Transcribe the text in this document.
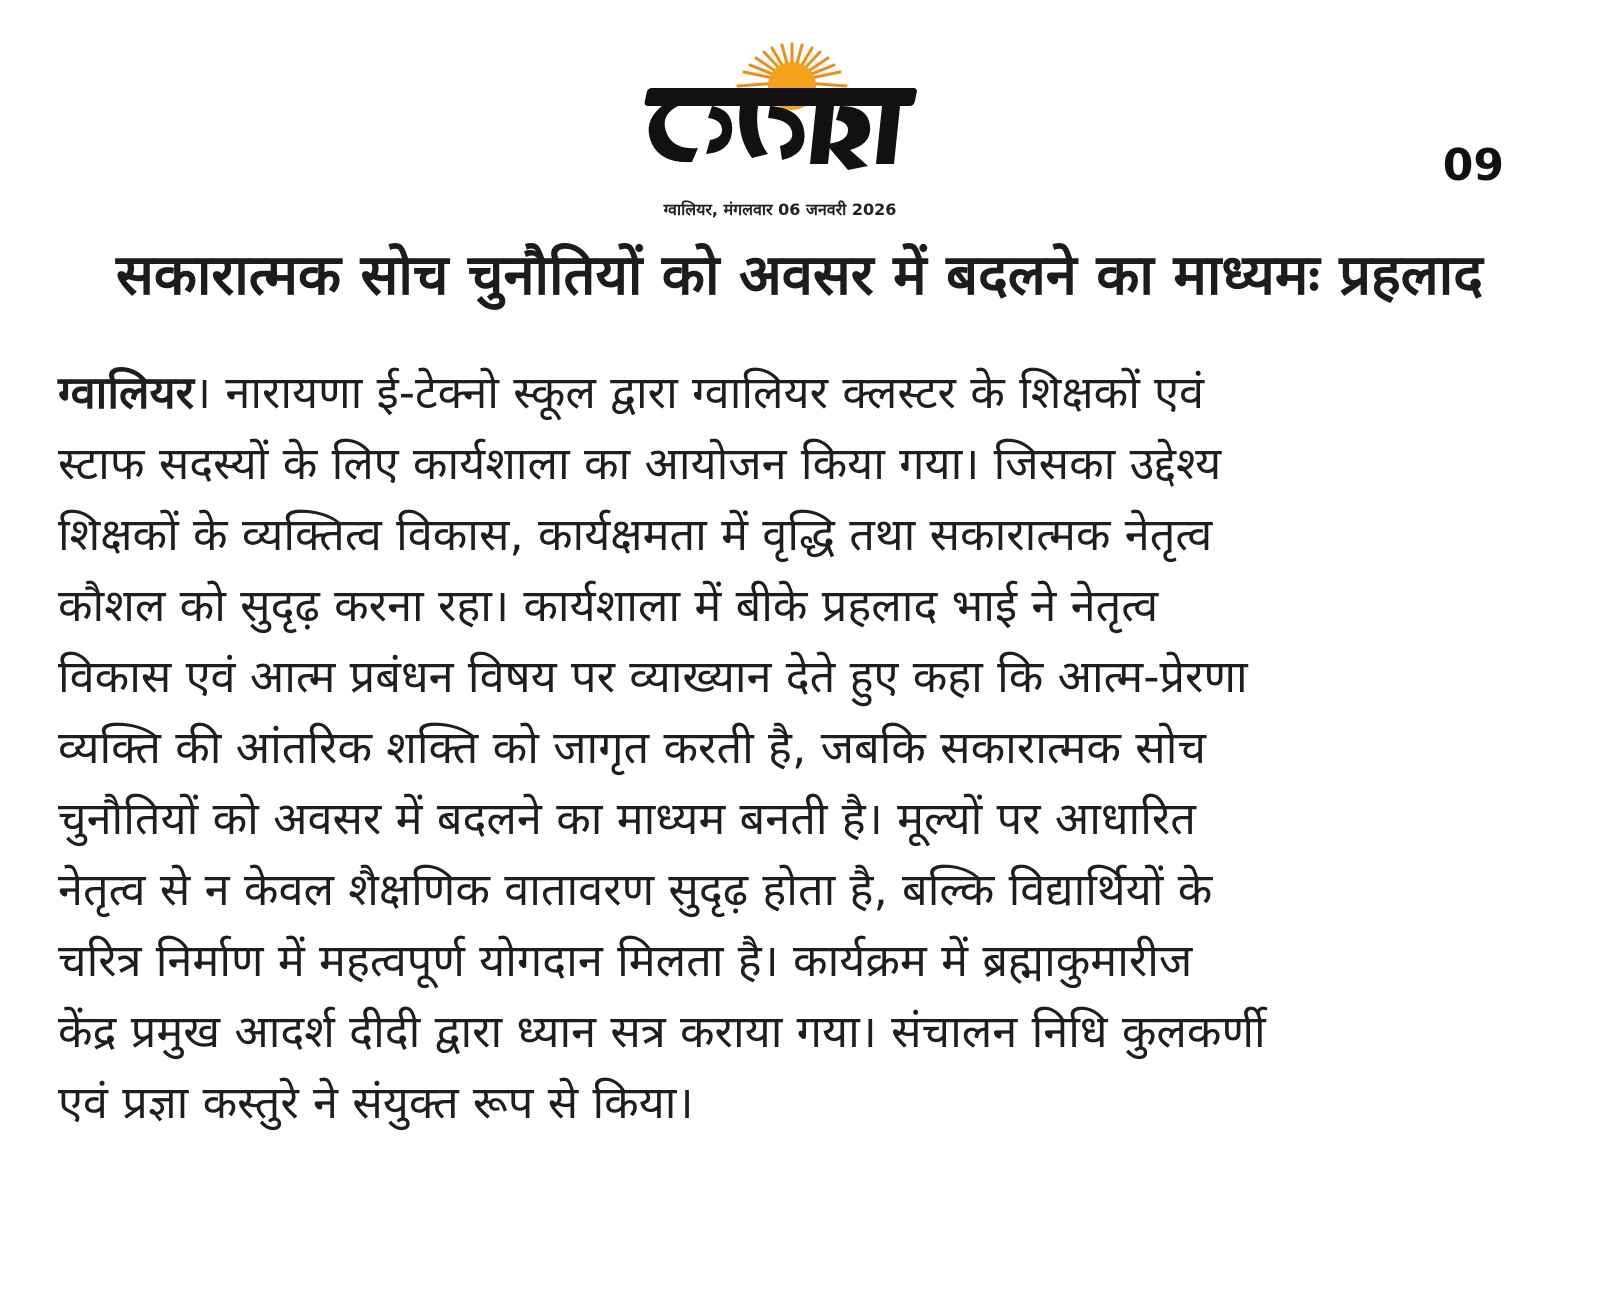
ग्वालियर, मंगलवार 06 जनवरी 2026
09
सकारात्मक सोच चुनौतियों को अवसर में बदलने का माध्यमः प्रहलाद
ग्वालियर। नारायणा ई-टेक्नो स्कूल द्वारा ग्वालियर क्लस्टर के शिक्षकों एवं
स्टाफ सदस्यों के लिए कार्यशाला का आयोजन किया गया। जिसका उद्देश्य
शिक्षकों के व्यक्तित्व विकास, कार्यक्षमता में वृद्धि तथा सकारात्मक नेतृत्व
कौशल को सुदृढ़ करना रहा। कार्यशाला में बीके प्रहलाद भाई ने नेतृत्व
विकास एवं आत्म प्रबंधन विषय पर व्याख्यान देते हुए कहा कि आत्म-प्रेरणा
व्यक्ति की आंतरिक शक्ति को जागृत करती है, जबकि सकारात्मक सोच
चुनौतियों को अवसर में बदलने का माध्यम बनती है। मूल्यों पर आधारित
नेतृत्व से न केवल शैक्षणिक वातावरण सुदृढ़ होता है, बल्कि विद्यार्थियों के
चरित्र निर्माण में महत्वपूर्ण योगदान मिलता है। कार्यक्रम में ब्रह्माकुमारीज
केंद्र प्रमुख आदर्श दीदी द्वारा ध्यान सत्र कराया गया। संचालन निधि कुलकर्णी
एवं प्रज्ञा कस्तुरे ने संयुक्त रूप से किया।
